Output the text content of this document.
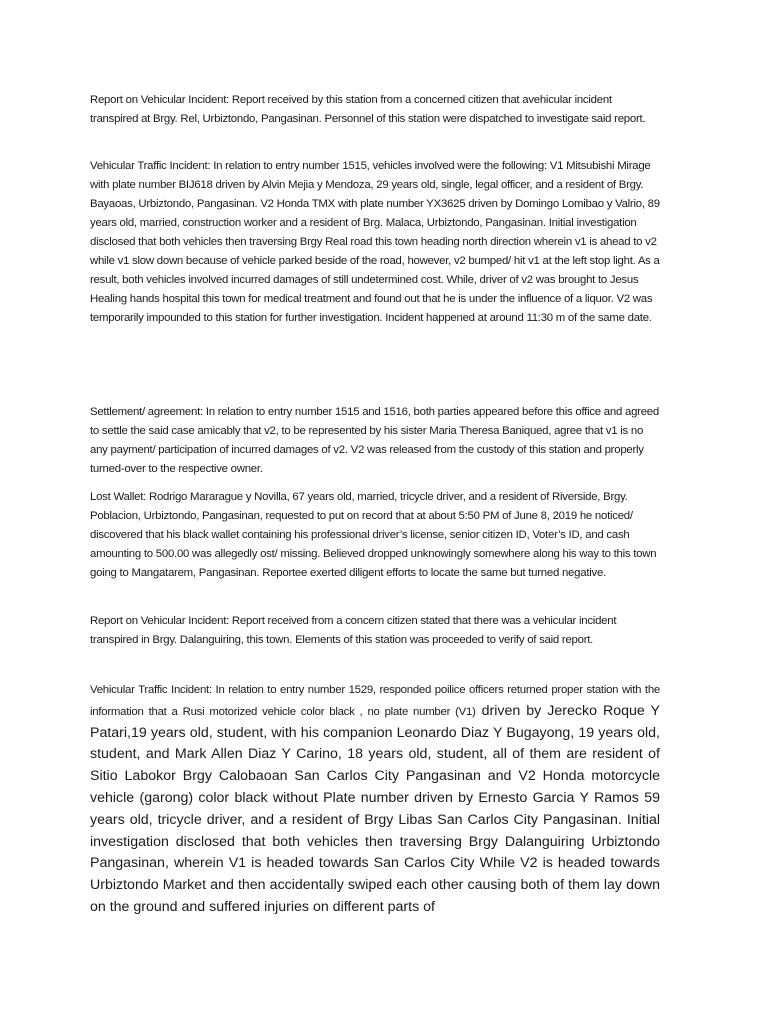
Report on Vehicular Incident: Report received by this station from a concerned citizen that avehicular incident transpired at Brgy. Rel, Urbiztondo, Pangasinan. Personnel of this station were dispatched to investigate said report.

Vehicular Traffic Incident: In relation to entry number 1515, vehicles involved were the following: V1 Mitsubishi Mirage with plate number BIJ618 driven by Alvin Mejia y Mendoza, 29 years old, single, legal officer, and a resident of Brgy. Bayaoas, Urbiztondo, Pangasinan. V2 Honda TMX with plate number YX3625 driven by Domingo Lomibao y Valrio, 89 years old, married, construction worker and a resident of Brg. Malaca, Urbiztondo, Pangasinan. Initial investigation disclosed that both vehicles then traversing Brgy Real road this town heading north direction wherein v1 is ahead to v2 while v1 slow down because of vehicle parked beside of the road, however, v2 bumped/ hit v1 at the left stop light. As a result, both vehicles involved incurred damages of still undetermined cost. While, driver of v2 was brought to Jesus Healing hands hospital this town for medical treatment and found out that he is under the influence of a liquor. V2 was temporarily impounded to this station for further investigation. Incident happened at around 11:30 m of the same date.

Settlement/ agreement: In relation to entry number 1515 and 1516, both parties appeared before this office and agreed to settle the said case amicably that v2, to be represented by his sister Maria Theresa Baniqued, agree that v1 is no any payment/ participation of incurred damages of v2. V2 was released from the custody of this station and properly turned-over to the respective owner.

Lost Wallet: Rodrigo Mararague y Novilla, 67 years old, married, tricycle driver, and a resident of Riverside, Brgy. Poblacion, Urbiztondo, Pangasinan, requested to put on record that at about 5:50 PM of June 8, 2019 he noticed/ discovered that his black wallet containing his professional driver’s license, senior citizen ID, Voter’s ID, and cash amounting to 500.00 was allegedly ost/ missing. Believed dropped unknowingly somewhere along his way to this town going to Mangatarem, Pangasinan. Reportee exerted diligent efforts to locate the same but turned negative.

Report on Vehicular Incident: Report received from a concern citizen stated that there was a vehicular incident transpired in Brgy. Dalanguiring, this town. Elements of this station was proceeded to verify of said report.

Vehicular Traffic Incident: In relation to entry number 1529, responded poilice officers returned proper station with the information that a Rusi motorized vehicle color black , no plate number (V1) driven by Jerecko Roque Y Patari,19 years old, student, with his companion Leonardo Diaz Y Bugayong, 19 years old, student, and Mark Allen Diaz Y Carino, 18 years old, student, all of them are resident of Sitio Labokor Brgy Calobaoan San Carlos City Pangasinan and V2 Honda motorcycle vehicle (garong) color black without Plate number driven by Ernesto Garcia Y Ramos 59 years old, tricycle driver, and a resident of Brgy Libas San Carlos City Pangasinan. Initial investigation disclosed that both vehicles then traversing Brgy Dalanguiring Urbiztondo Pangasinan, wherein V1 is headed towards San Carlos City While V2 is headed towards Urbiztondo Market and then accidentally swiped each other causing both of them lay down on the ground and suffered injuries on different parts of
